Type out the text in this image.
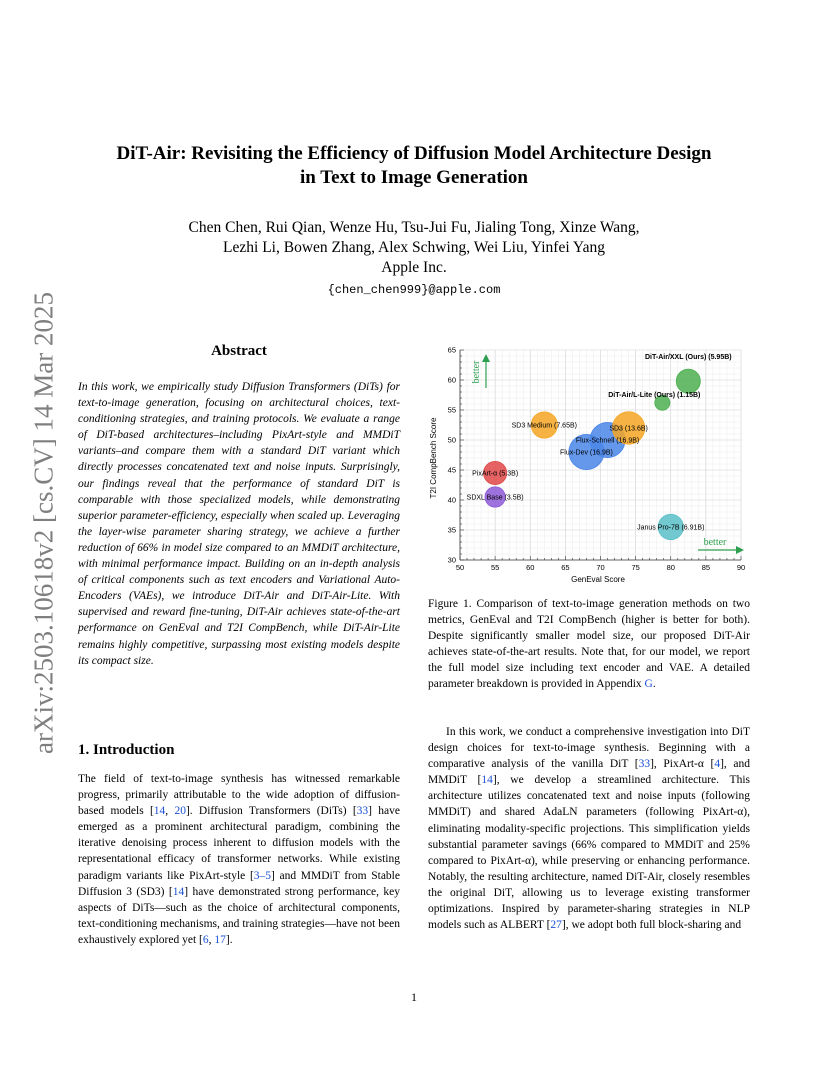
arXiv:2503.10618v2 [cs.CV] 14 Mar 2025
DiT-Air: Revisiting the Efficiency of Diffusion Model Architecture Design
in Text to Image Generation
Chen Chen, Rui Qian, Wenze Hu, Tsu-Jui Fu, Jialing Tong, Xinze Wang,
Lezhi Li, Bowen Zhang, Alex Schwing, Wei Liu, Yinfei Yang
Apple Inc.
{chen_chen999}@apple.com
Abstract
In this work, we empirically study Diffusion Transformers (DiTs) for text-to-image generation, focusing on architectural choices, text-conditioning strategies, and training protocols. We evaluate a range of DiT-based architectures–including PixArt-style and MMDiT variants–and compare them with a standard DiT variant which directly processes concatenated text and noise inputs. Surprisingly, our findings reveal that the performance of standard DiT is comparable with those specialized models, while demonstrating superior parameter-efficiency, especially when scaled up. Leveraging the layer-wise parameter sharing strategy, we achieve a further reduction of 66% in model size compared to an MMDiT architecture, with minimal performance impact. Building on an in-depth analysis of critical components such as text encoders and Variational Auto-Encoders (VAEs), we introduce DiT-Air and DiT-Air-Lite. With supervised and reward fine-tuning, DiT-Air achieves state-of-the-art performance on GenEval and T2I CompBench, while DiT-Air-Lite remains highly competitive, surpassing most existing models despite its compact size.
1. Introduction
The field of text-to-image synthesis has witnessed remarkable progress, primarily attributable to the wide adoption of diffusion-based models [14, 20]. Diffusion Transformers (DiTs) [33] have emerged as a prominent architectural paradigm, combining the iterative denoising process inherent to diffusion models with the representational efficacy of transformer networks. While existing paradigm variants like PixArt-style [3–5] and MMDiT from Stable Diffusion 3 (SD3) [14] have demonstrated strong performance, key aspects of DiTs—such as the choice of architectural components, text-conditioning mechanisms, and training strategies—have not been exhaustively explored yet [6, 17].
50	55	60	65	70	75	80	85	90
30
35
40
45
50
55
60
65
DiT-Air/XXL (Ours) (5.95B)
DiT-Air/L-Lite (Ours) (1.15B)
SD3 Medium (7.65B)	SD3 (13.6B)
Flux-Schnell (16.9B)
Flux-Dev (16.9B)
PixArt-α (5.3B)
SDXL Base (3.5B)
Janus Pro-7B (6.91B)
better
better
GenEval Score
T2I CompBench Score
Figure 1. Comparison of text-to-image generation methods on two metrics, GenEval and T2I CompBench (higher is better for both). Despite significantly smaller model size, our proposed DiT-Air achieves state-of-the-art results. Note that, for our model, we report the full model size including text encoder and VAE. A detailed parameter breakdown is provided in Appendix G.
In this work, we conduct a comprehensive investigation into DiT design choices for text-to-image synthesis. Beginning with a comparative analysis of the vanilla DiT [33], PixArt-α [4], and MMDiT [14], we develop a streamlined architecture. This architecture utilizes concatenated text and noise inputs (following MMDiT) and shared AdaLN parameters (following PixArt-α), eliminating modality-specific projections. This simplification yields substantial parameter savings (66% compared to MMDiT and 25% compared to PixArt-α), while preserving or enhancing performance. Notably, the resulting architecture, named DiT-Air, closely resembles the original DiT, allowing us to leverage existing transformer optimizations. Inspired by parameter-sharing strategies in NLP models such as ALBERT [27], we adopt both full block-sharing and
1
